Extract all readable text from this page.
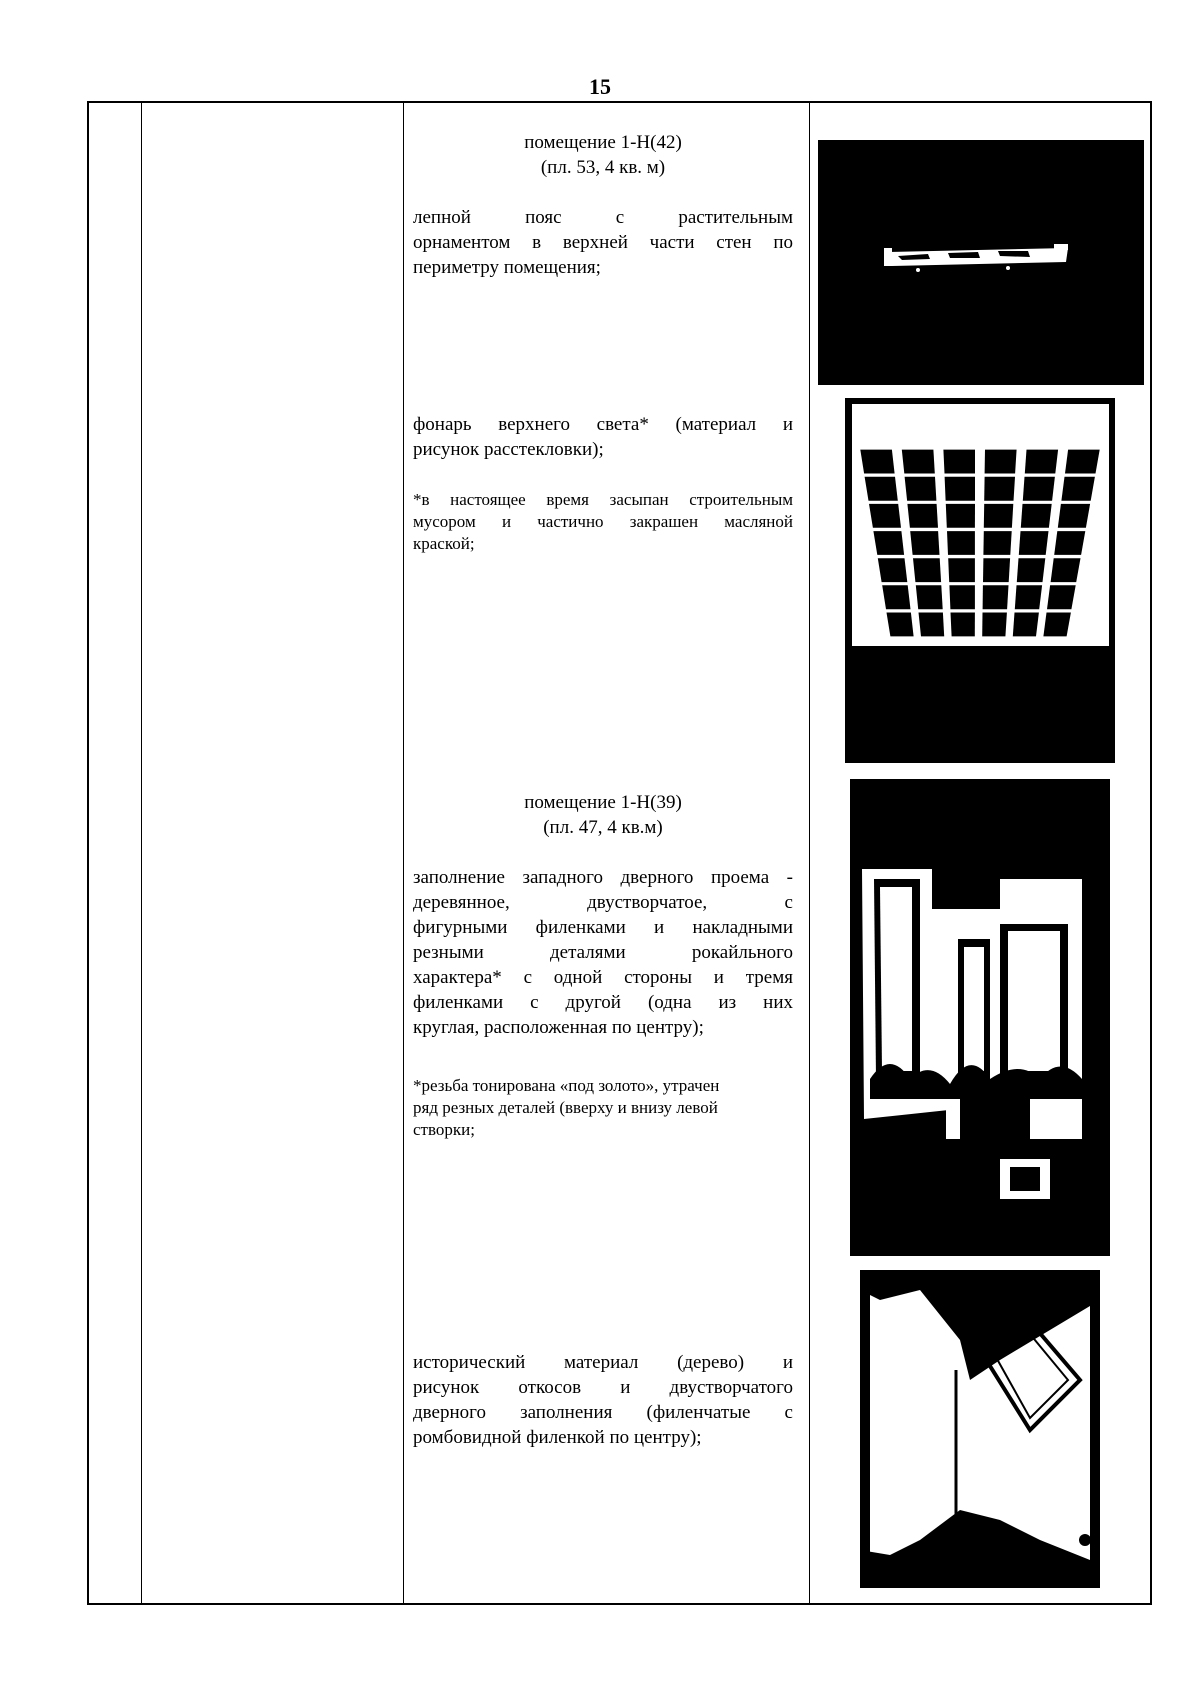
15
помещение 1-Н(42)
(пл. 53, 4 кв. м)
лепной пояс с растительным
орнаментом в верхней части стен по
периметру помещения;
фонарь верхнего света* (материал и
рисунок расстекловки);
*в настоящее время засыпан строительным
мусором и частично закрашен масляной
краской;
помещение 1-Н(39)
(пл. 47, 4 кв.м)
заполнение западного дверного проема -
деревянное, двустворчатое, с
фигурными филенками и накладными
резными деталями рокайльного
характера* с одной стороны и тремя
филенками с другой (одна из них
круглая, расположенная по центру);
*резьба тонирована «под золото», утрачен
ряд резных деталей (вверху и внизу левой
створки;
исторический материал (дерево) и
рисунок откосов и двустворчатого
дверного заполнения (филенчатые с
ромбовидной филенкой по центру);
